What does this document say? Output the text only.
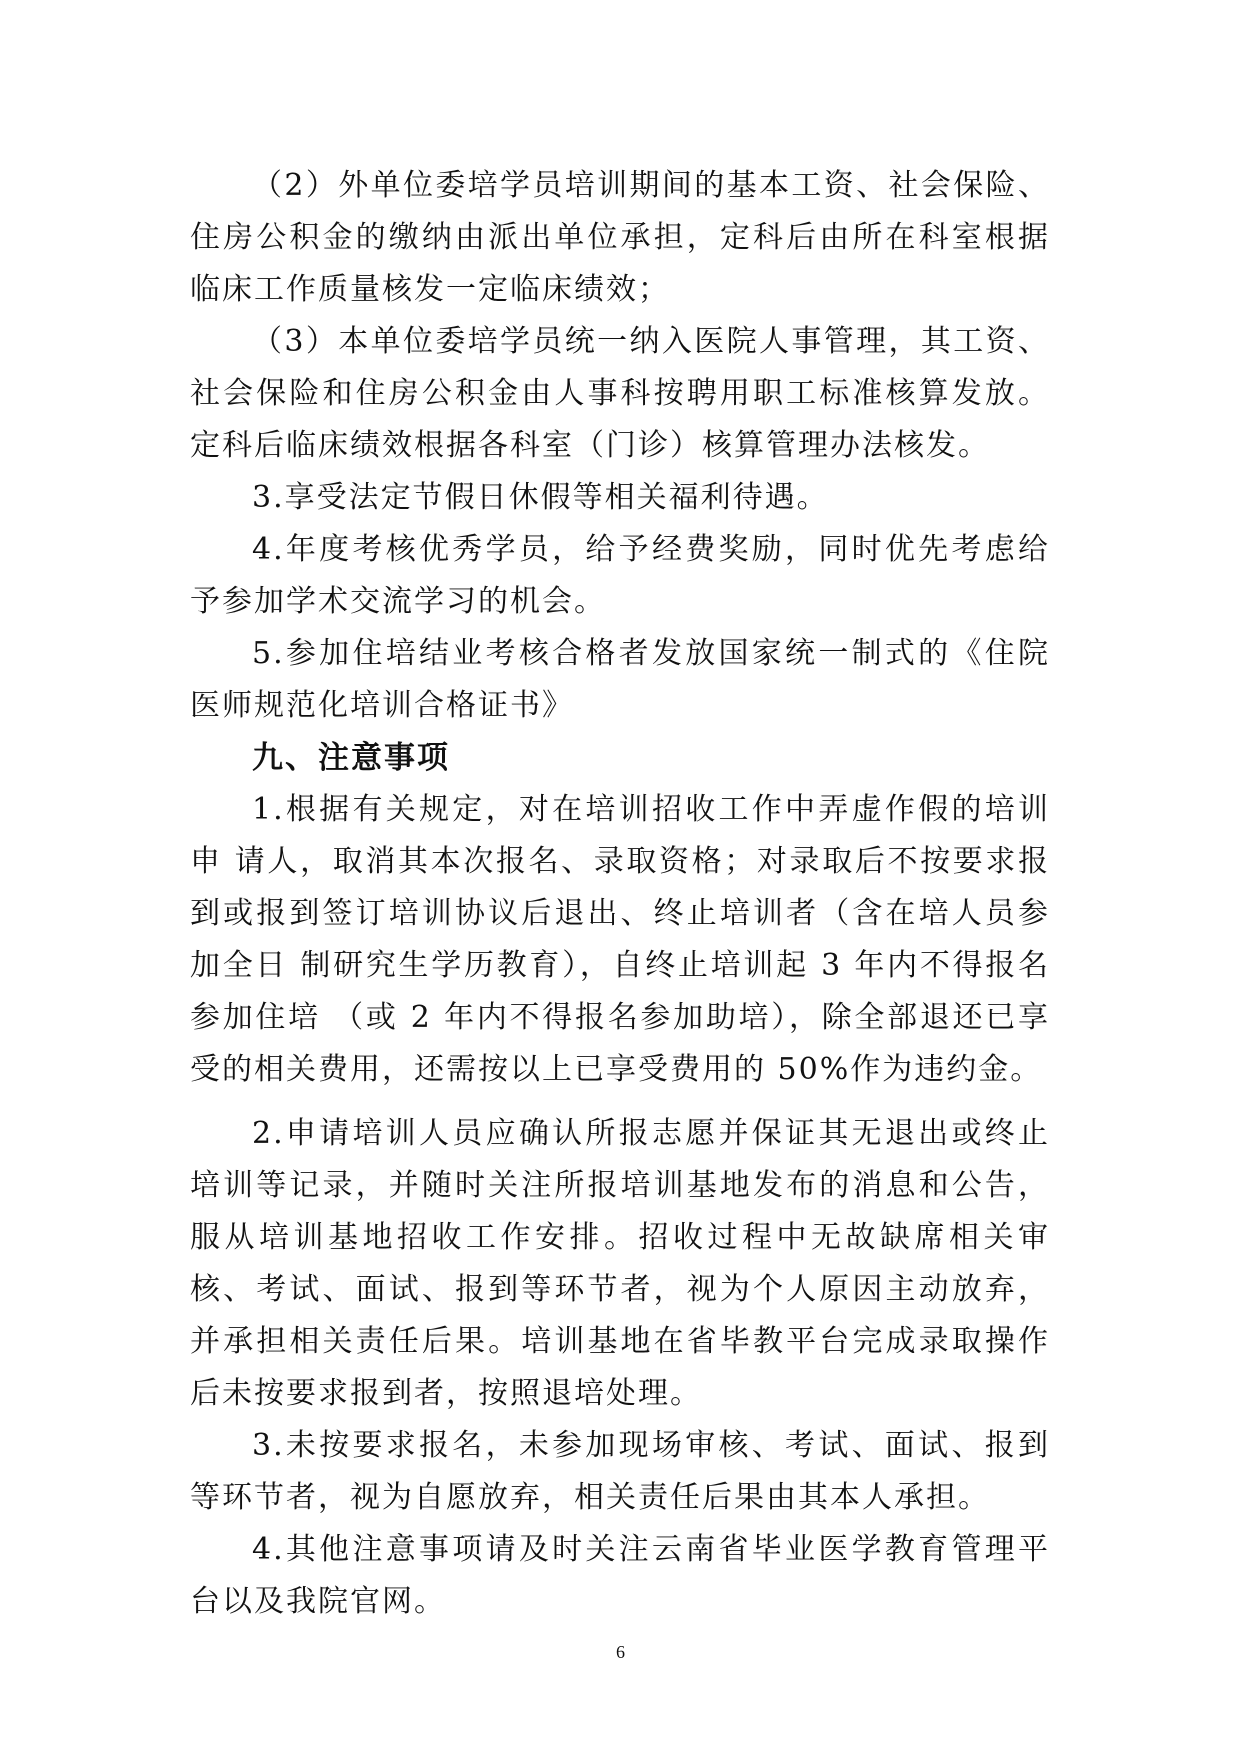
（2）外单位委培学员培训期间的基本工资、社会保险、住房公积金的缴纳由派出单位承担，定科后由所在科室根据临床工作质量核发一定临床绩效；

（3）本单位委培学员统一纳入医院人事管理，其工资、社会保险和住房公积金由人事科按聘用职工标准核算发放。定科后临床绩效根据各科室（门诊）核算管理办法核发。

3.享受法定节假日休假等相关福利待遇。

4.年度考核优秀学员，给予经费奖励，同时优先考虑给予参加学术交流学习的机会。

5.参加住培结业考核合格者发放国家统一制式的《住院医师规范化培训合格证书》

九、注意事项

1.根据有关规定，对在培训招收工作中弄虚作假的培训申 请人，取消其本次报名、录取资格；对录取后不按要求报到或报到签订培训协议后退出、终止培训者（含在培人员参加全日 制研究生学历教育），自终止培训起 3 年内不得报名参加住培 （或 2 年内不得报名参加助培），除全部退还已享受的相关费用，还需按以上已享受费用的 50%作为违约金。

2.申请培训人员应确认所报志愿并保证其无退出或终止培训等记录，并随时关注所报培训基地发布的消息和公告，服从培训基地招收工作安排。招收过程中无故缺席相关审核、考试、面试、报到等环节者，视为个人原因主动放弃，并承担相关责任后果。培训基地在省毕教平台完成录取操作后未按要求报到者，按照退培处理。

3.未按要求报名，未参加现场审核、考试、面试、报到等环节者，视为自愿放弃，相关责任后果由其本人承担。

4.其他注意事项请及时关注云南省毕业医学教育管理平台以及我院官网。

6
